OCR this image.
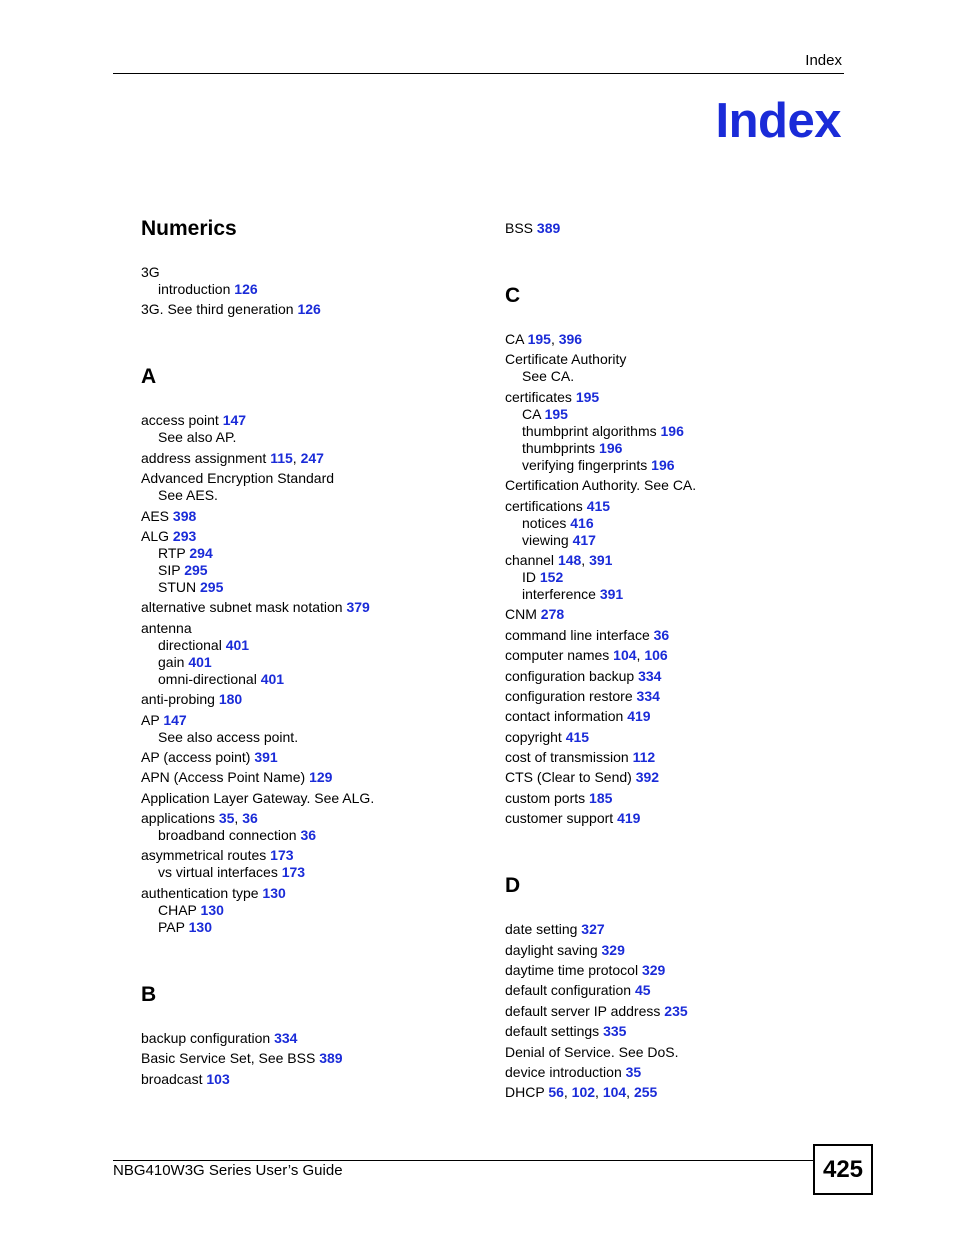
Index
Index
Numerics
3G
introduction 126
3G. See third generation 126
A
access point 147
See also AP.
address assignment 115, 247
Advanced Encryption Standard
See AES.
AES 398
ALG 293
RTP 294
SIP 295
STUN 295
alternative subnet mask notation 379
antenna
directional 401
gain 401
omni-directional 401
anti-probing 180
AP 147
See also access point.
AP (access point) 391
APN (Access Point Name) 129
Application Layer Gateway. See ALG.
applications 35, 36
broadband connection 36
asymmetrical routes 173
vs virtual interfaces 173
authentication type 130
CHAP 130
PAP 130
B
backup configuration 334
Basic Service Set, See BSS 389
broadcast 103
BSS 389
C
CA 195, 396
Certificate Authority
See CA.
certificates 195
CA 195
thumbprint algorithms 196
thumbprints 196
verifying fingerprints 196
Certification Authority. See CA.
certifications 415
notices 416
viewing 417
channel 148, 391
ID 152
interference 391
CNM 278
command line interface 36
computer names 104, 106
configuration backup 334
configuration restore 334
contact information 419
copyright 415
cost of transmission 112
CTS (Clear to Send) 392
custom ports 185
customer support 419
D
date setting 327
daylight saving 329
daytime time protocol 329
default configuration 45
default server IP address 235
default settings 335
Denial of Service. See DoS.
device introduction 35
DHCP 56, 102, 104, 255
NBG410W3G Series User’s Guide	425
